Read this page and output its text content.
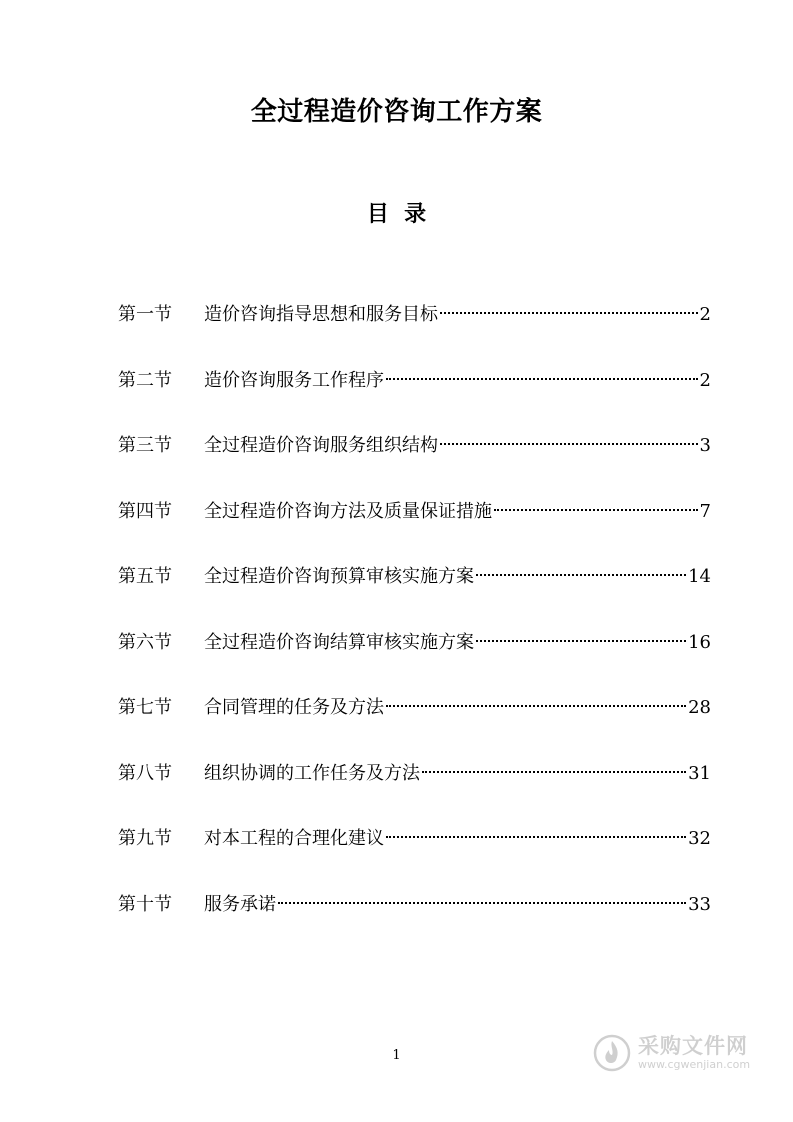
全过程造价咨询工作方案
目  录
第一节	造价咨询指导思想和服务目标	2
第二节	造价咨询服务工作程序	2
第三节	全过程造价咨询服务组织结构	3
第四节	全过程造价咨询方法及质量保证措施	7
第五节	全过程造价咨询预算审核实施方案	14
第六节	全过程造价咨询结算审核实施方案	16
第七节	合同管理的任务及方法	28
第八节	组织协调的工作任务及方法	31
第九节	对本工程的合理化建议	32
第十节	服务承诺	33
1	采购文件网
www.cgwenjian.com
